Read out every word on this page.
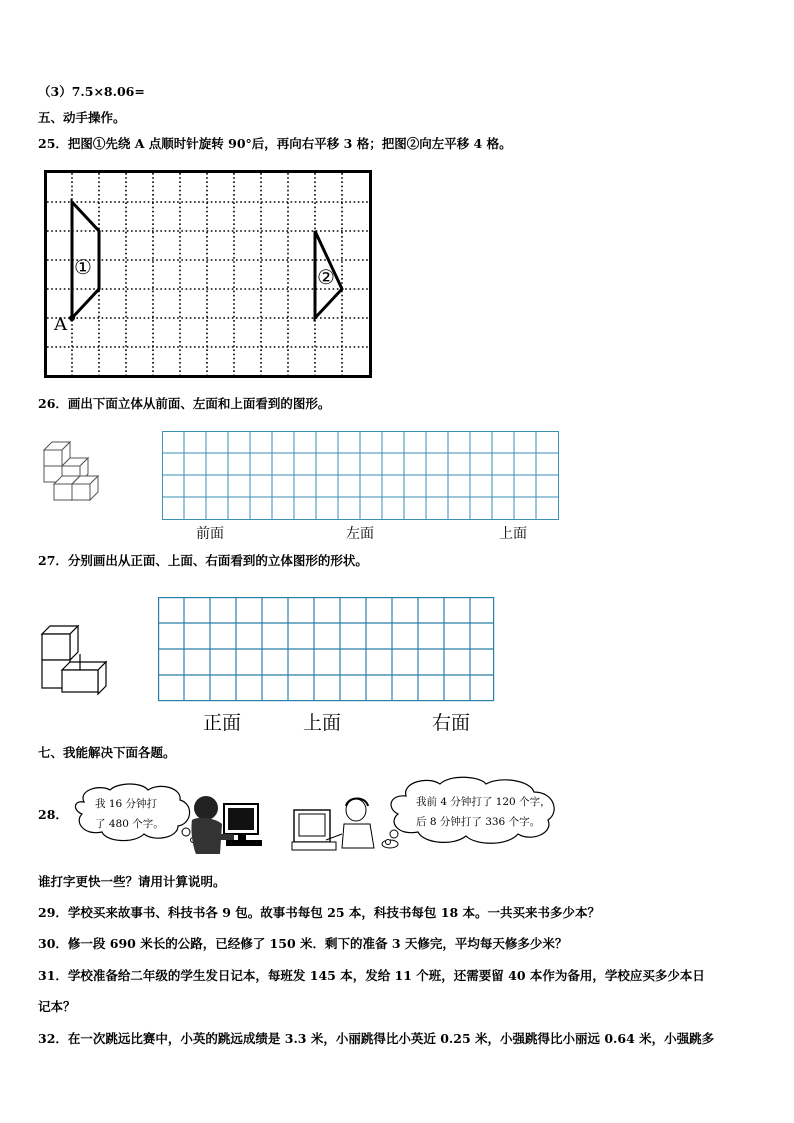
（3）7.5×8.06=
五、动手操作。
25．把图①先绕 A 点顺时针旋转 90°后，再向右平移 3 格；把图②向左平移 4 格。
A
①	②
26．画出下面立体从前面、左面和上面看到的图形。
前面	左面	上面
27．分别画出从正面、上面、右面看到的立体图形的形状。
正面	上面	右面
七、我能解决下面各题。
28．
我 16 分钟打
了 480 个字。
我前 4 分钟打了 120 个字，
后 8 分钟打了 336 个字。
谁打字更快一些？请用计算说明。
29．学校买来故事书、科技书各 9 包。故事书每包 25 本，科技书每包 18 本。一共买来书多少本？
30．修一段 690 米长的公路，已经修了 150 米．剩下的准备 3 天修完，平均每天修多少米？
31．学校准备给二年级的学生发日记本，每班发 145 本，发给 11 个班，还需要留 40 本作为备用，学校应买多少本日
记本？
32．在一次跳远比赛中，小英的跳远成绩是 3.3 米，小丽跳得比小英近 0.25 米，小强跳得比小丽远 0.64 米，小强跳多
